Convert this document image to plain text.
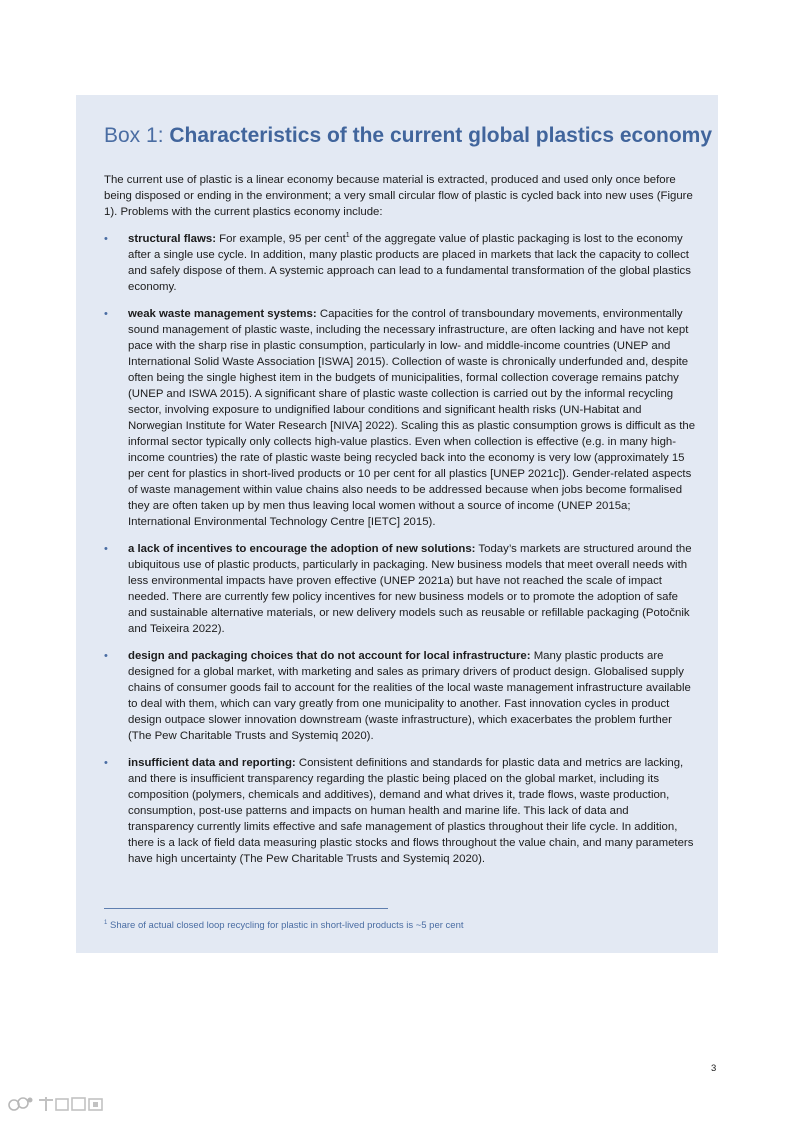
Box 1: Characteristics of the current global plastics economy

The current use of plastic is a linear economy because material is extracted, produced and used only once before being disposed or ending in the environment; a very small circular flow of plastic is cycled back into new uses (Figure 1). Problems with the current plastics economy include:

• structural flaws: For example, 95 per cent$^1$ of the aggregate value of plastic packaging is lost to the economy after a single use cycle. In addition, many plastic products are placed in markets that lack the capacity to collect and safely dispose of them. A systemic approach can lead to a fundamental transformation of the global plastics economy.
• weak waste management systems: Capacities for the control of transboundary movements, environmentally sound management of plastic waste, including the necessary infrastructure, are often lacking and have not kept pace with the sharp rise in plastic consumption, particularly in low- and middle-income countries (UNEP and International Solid Waste Association [ISWA] 2015). Collection of waste is chronically underfunded and, despite often being the single highest item in the budgets of municipalities, formal collection coverage remains patchy (UNEP and ISWA 2015). A significant share of plastic waste collection is carried out by the informal recycling sector, involving exposure to undignified labour conditions and significant health risks (UN-Habitat and Norwegian Institute for Water Research [NIVA] 2022). Scaling this as plastic consumption grows is difficult as the informal sector typically only collects high-value plastics. Even when collection is effective (e.g. in many high-income countries) the rate of plastic waste being recycled back into the economy is very low (approximately 15 per cent for plastics in short-lived products or 10 per cent for all plastics [UNEP 2021c]). Gender-related aspects of waste management within value chains also needs to be addressed because when jobs become formalised they are often taken up by men thus leaving local women without a source of income (UNEP 2015a; International Environmental Technology Centre [IETC] 2015).
• a lack of incentives to encourage the adoption of new solutions: Today’s markets are structured around the ubiquitous use of plastic products, particularly in packaging. New business models that meet overall needs with less environmental impacts have proven effective (UNEP 2021a) but have not reached the scale of impact needed. There are currently few policy incentives for new business models or to promote the adoption of safe and sustainable alternative materials, or new delivery models such as reusable or refillable packaging (Potočnik and Teixeira 2022).
• design and packaging choices that do not account for local infrastructure: Many plastic products are designed for a global market, with marketing and sales as primary drivers of product design. Globalised supply chains of consumer goods fail to account for the realities of the local waste management infrastructure available to deal with them, which can vary greatly from one municipality to another. Fast innovation cycles in product design outpace slower innovation downstream (waste infrastructure), which exacerbates the problem further (The Pew Charitable Trusts and Systemiq 2020).
• insufficient data and reporting: Consistent definitions and standards for plastic data and metrics are lacking, and there is insufficient transparency regarding the plastic being placed on the global market, including its composition (polymers, chemicals and additives), demand and what drives it, trade flows, waste production, consumption, post-use patterns and impacts on human health and marine life. This lack of data and transparency currently limits effective and safe management of plastics throughout their life cycle. In addition, there is a lack of field data measuring plastic stocks and flows throughout the value chain, and many parameters have high uncertainty (The Pew Charitable Trusts and Systemiq 2020).

$^1$ Share of actual closed loop recycling for plastic in short-lived products is ~5 per cent

3
